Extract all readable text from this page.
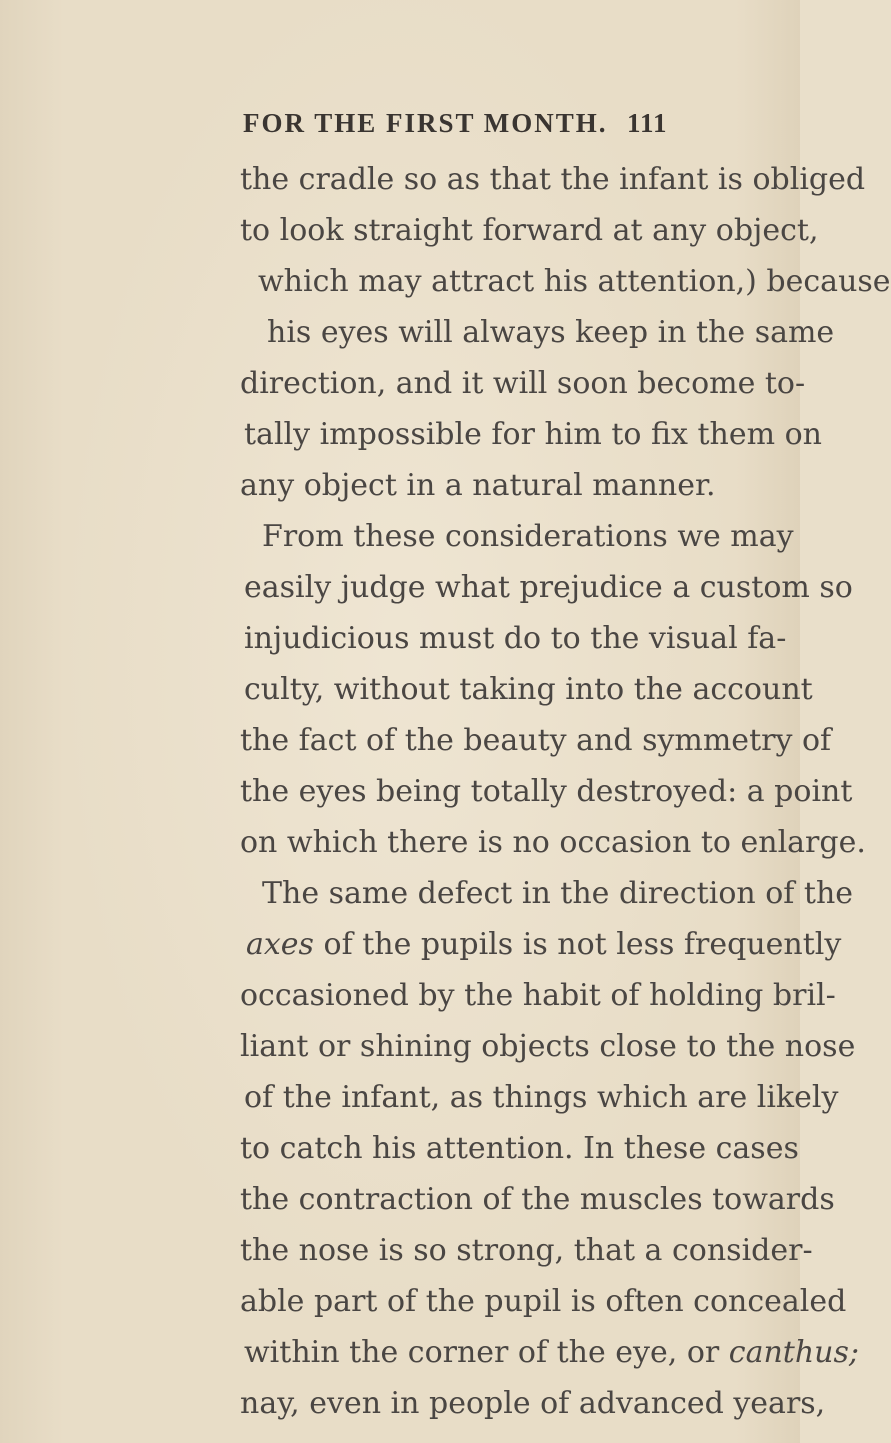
FOR THE FIRST MONTH. 111
the cradle so as that the infant is obliged
to look straight forward at any object,
which may attract his attention,) because
his eyes will always keep in the same
direction, and it will soon become to-
tally impossible for him to fix them on
any object in a natural manner.
From these considerations we may
easily judge what prejudice a custom so
injudicious must do to the visual fa-
culty, without taking into the account
the fact of the beauty and symmetry of
the eyes being totally destroyed: a point
on which there is no occasion to enlarge.
The same defect in the direction of the
axes of the pupils is not less frequently
occasioned by the habit of holding bril-
liant or shining objects close to the nose
of the infant, as things which are likely
to catch his attention. In these cases
the contraction of the muscles towards
the nose is so strong, that a consider-
able part of the pupil is often concealed
within the corner of the eye, or canthus;
nay, even in people of advanced years,
